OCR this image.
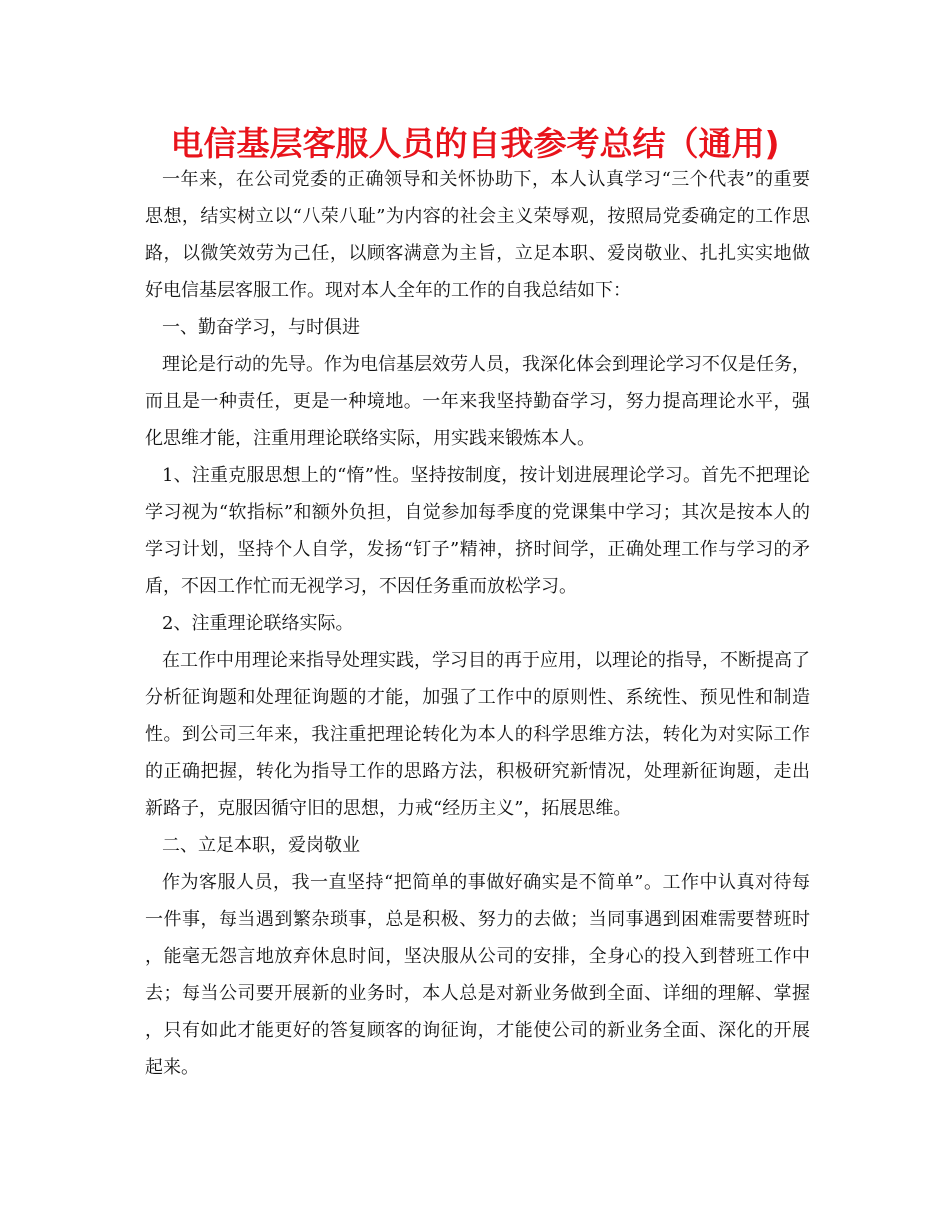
电信基层客服人员的自我参考总结（通用)

一年来，在公司党委的正确领导和关怀协助下，本人认真学习“三个代表”的重要思想，结实树立以“八荣八耻”为内容的社会主义荣辱观，按照局党委确定的工作思路，以微笑效劳为己任，以顾客满意为主旨，立足本职、爱岗敬业、扎扎实实地做好电信基层客服工作。现对本人全年的工作的自我总结如下：

一、勤奋学习，与时俱进

理论是行动的先导。作为电信基层效劳人员，我深化体会到理论学习不仅是任务，而且是一种责任，更是一种境地。一年来我坚持勤奋学习，努力提高理论水平，强化思维才能，注重用理论联络实际，用实践来锻炼本人。

1、注重克服思想上的“惰”性。坚持按制度，按计划进展理论学习。首先不把理论学习视为“软指标”和额外负担，自觉参加每季度的党课集中学习；其次是按本人的学习计划，坚持个人自学，发扬“钉子”精神，挤时间学，正确处理工作与学习的矛盾，不因工作忙而无视学习，不因任务重而放松学习。

2、注重理论联络实际。

在工作中用理论来指导处理实践，学习目的再于应用，以理论的指导，不断提高了分析征询题和处理征询题的才能，加强了工作中的原则性、系统性、预见性和制造性。到公司三年来，我注重把理论转化为本人的科学思维方法，转化为对实际工作的正确把握，转化为指导工作的思路方法，积极研究新情况，处理新征询题，走出新路子，克服因循守旧的思想，力戒“经历主义”，拓展思维。

二、立足本职，爱岗敬业

作为客服人员，我一直坚持“把简单的事做好确实是不简单”。工作中认真对待每一件事，每当遇到繁杂琐事，总是积极、努力的去做；当同事遇到困难需要替班时，能毫无怨言地放弃休息时间，坚决服从公司的安排，全身心的投入到替班工作中去；每当公司要开展新的业务时，本人总是对新业务做到全面、详细的理解、掌握，只有如此才能更好的答复顾客的询征询，才能使公司的新业务全面、深化的开展起来。
